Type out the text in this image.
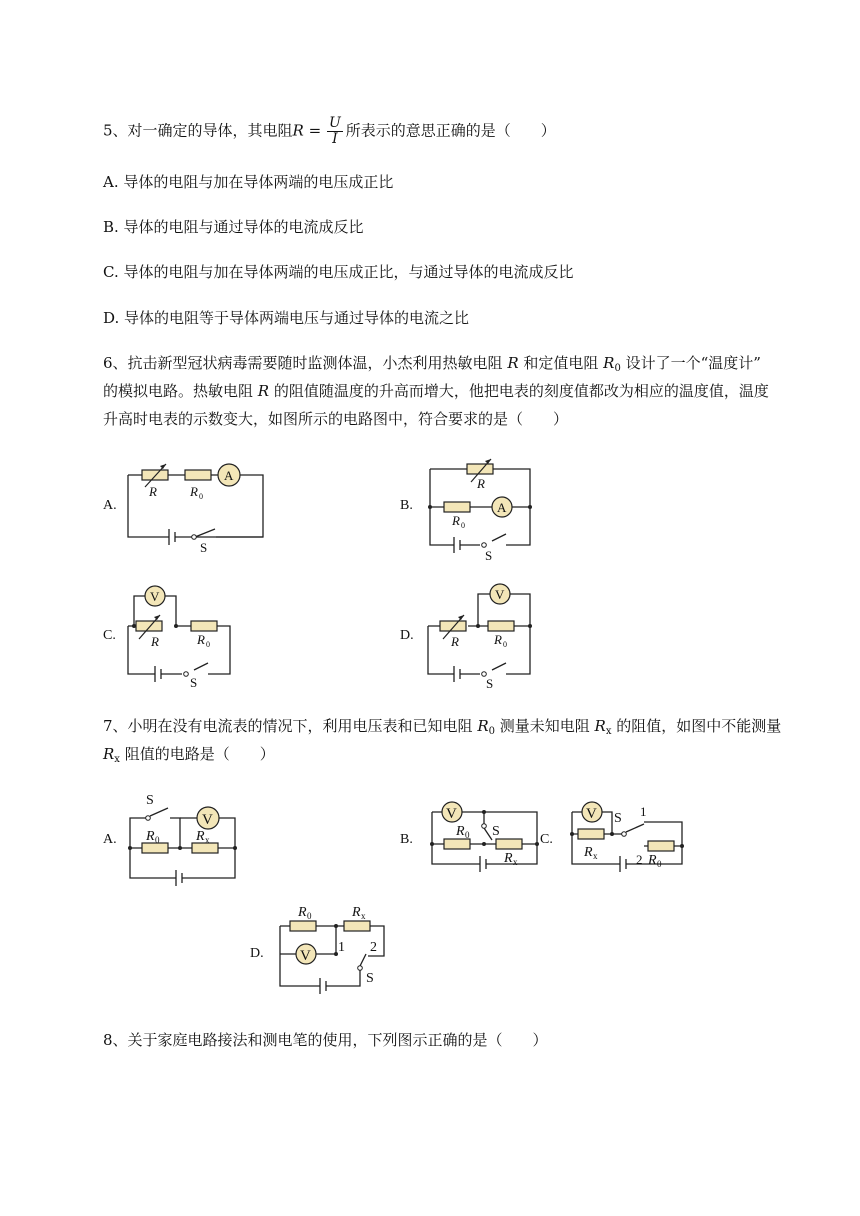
5、对一确定的导体，其电阻$R = \frac{U}{I}$ 所表示的意思正确的是（　　）
A. 导体的电阻与加在导体两端的电压成正比
B. 导体的电阻与通过导体的电流成反比
C. 导体的电阻与加在导体两端的电压成正比，与通过导体的电流成反比
D. 导体的电阻等于导体两端电压与通过导体的电流之比
6、抗击新型冠状病毒需要随时监测体温，小杰利用热敏电阻 R 和定值电阻 $R_0$ 设计了一个“温度计”
的模拟电路。热敏电阻 R 的阻值随温度的升高而增大，他把电表的刻度值都改为相应的温度值，温度
升高时电表的示数变大，如图所示的电路图中，符合要求的是（　　）
A.	B.
C.	D.
A
R	R 0
S
A
R
R 0
S
V
R	R 0
S
V
R	R 0
S
7、小明在没有电流表的情况下，利用电压表和已知电阻 $R_0$ 测量未知电阻 $R_x$ 的阻值，如图中不能测量
$R_x$ 阻值的电路是（　　）
A.	B.	C.
D.
V
S
R 0	R x
V
R 0 S
R x
V S 1
2
R x	R 0
V
R 0	R x
1 2
S
8、关于家庭电路接法和测电笔的使用，下列图示正确的是（　　）
